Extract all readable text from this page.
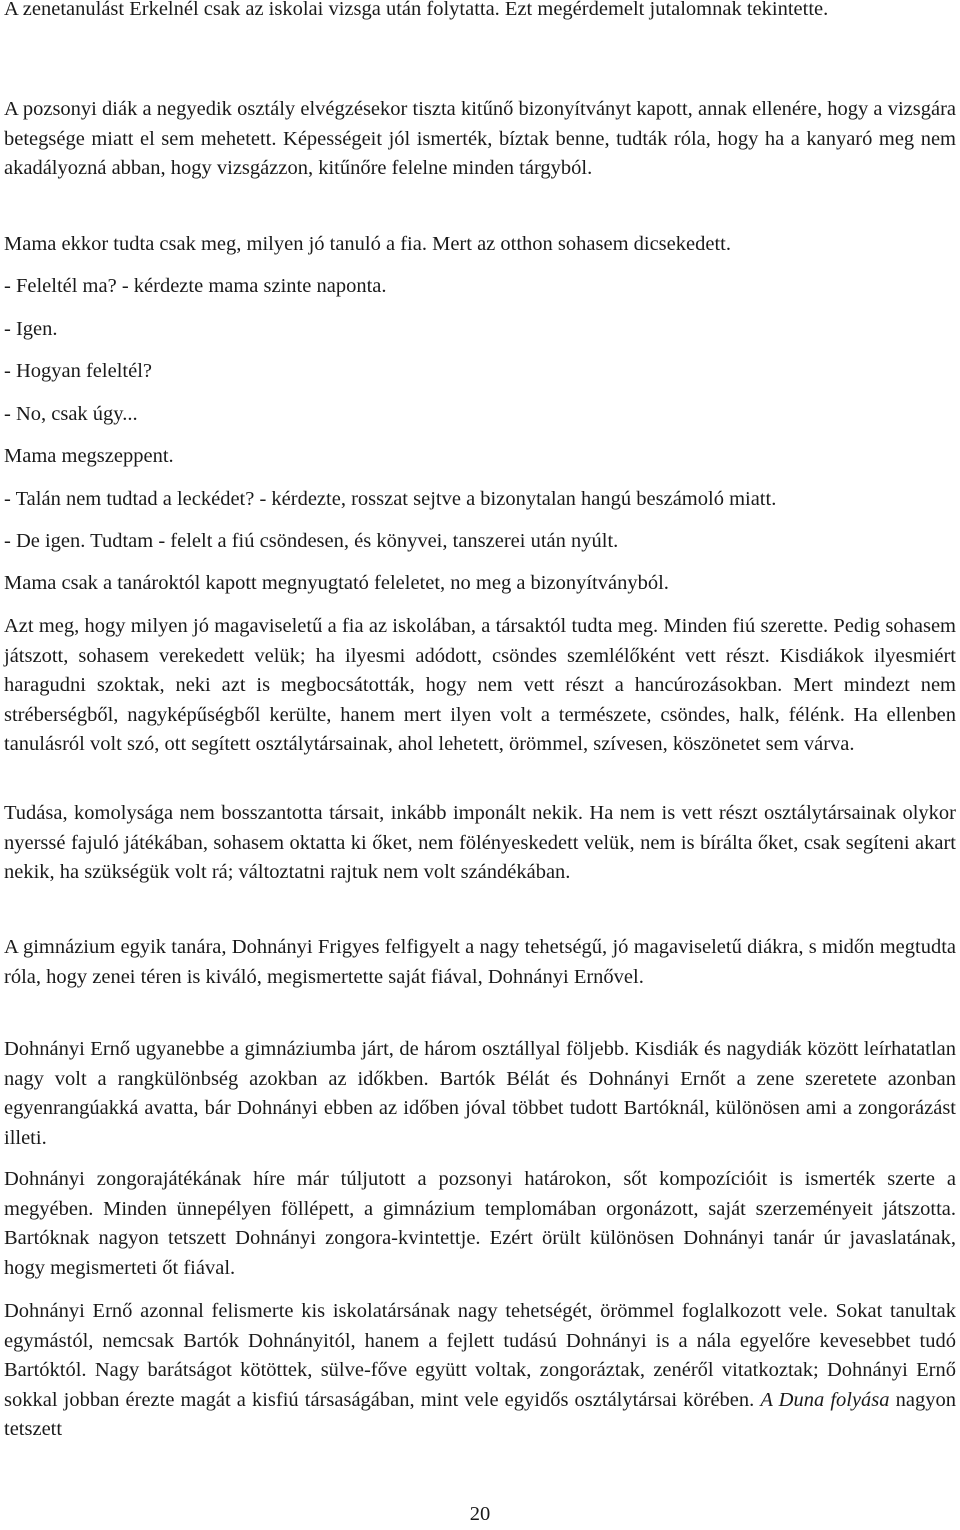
A zenetanulást Erkelnél csak az iskolai vizsga után folytatta. Ezt megérdemelt jutalomnak tekintette.

A pozsonyi diák a negyedik osztály elvégzésekor tiszta kitűnő bizonyítványt kapott, annak ellenére, hogy a vizsgára betegsége miatt el sem mehetett. Képességeit jól ismerték, bíztak benne, tudták róla, hogy ha a kanyaró meg nem akadályozná abban, hogy vizsgázzon, kitűnőre felelne minden tárgyból.

Mama ekkor tudta csak meg, milyen jó tanuló a fia. Mert az otthon sohasem dicsekedett.

- Feleltél ma? - kérdezte mama szinte naponta.

- Igen.

- Hogyan feleltél?

- No, csak úgy...

Mama megszeppent.

- Talán nem tudtad a leckédet? - kérdezte, rosszat sejtve a bizonytalan hangú beszámoló miatt.

- De igen. Tudtam - felelt a fiú csöndesen, és könyvei, tanszerei után nyúlt.

Mama csak a tanároktól kapott megnyugtató feleletet, no meg a bizonyítványból.

Azt meg, hogy milyen jó magaviseletű a fia az iskolában, a társaktól tudta meg. Minden fiú szerette. Pedig sohasem játszott, sohasem verekedett velük; ha ilyesmi adódott, csöndes szemlélőként vett részt. Kisdiákok ilyesmiért haragudni szoktak, neki azt is megbocsátották, hogy nem vett részt a hancúrozásokban. Mert mindezt nem stréberségből, nagyképűségből kerülte, hanem mert ilyen volt a természete, csöndes, halk, félénk. Ha ellenben tanulásról volt szó, ott segített osztálytársainak, ahol lehetett, örömmel, szívesen, köszönetet sem várva.

Tudása, komolysága nem bosszantotta társait, inkább imponált nekik. Ha nem is vett részt osztálytársainak olykor nyerssé fajuló játékában, sohasem oktatta ki őket, nem fölényeskedett velük, nem is bírálta őket, csak segíteni akart nekik, ha szükségük volt rá; változtatni rajtuk nem volt szándékában.

A gimnázium egyik tanára, Dohnányi Frigyes felfigyelt a nagy tehetségű, jó magaviseletű diákra, s midőn megtudta róla, hogy zenei téren is kiváló, megismertette saját fiával, Dohnányi Ernővel.

Dohnányi Ernő ugyanebbe a gimnáziumba járt, de három osztállyal följebb. Kisdiák és nagydiák között leírhatatlan nagy volt a rangkülönbség azokban az időkben. Bartók Bélát és Dohnányi Ernőt a zene szeretete azonban egyenrangúakká avatta, bár Dohnányi ebben az időben jóval többet tudott Bartóknál, különösen ami a zongorázást illeti.

Dohnányi zongorajátékának híre már túljutott a pozsonyi határokon, sőt kompozícióit is ismerték szerte a megyében. Minden ünnepélyen föllépett, a gimnázium templomában orgonázott, saját szerzeményeit játszotta. Bartóknak nagyon tetszett Dohnányi zongora-kvintettje. Ezért örült különösen Dohnányi tanár úr javaslatának, hogy megismerteti őt fiával.

Dohnányi Ernő azonnal felismerte kis iskolatársának nagy tehetségét, örömmel foglalkozott vele. Sokat tanultak egymástól, nemcsak Bartók Dohnányitól, hanem a fejlett tudású Dohnányi is a nála egyelőre kevesebbet tudó Bartóktól. Nagy barátságot kötöttek, sülve-főve együtt voltak, zongoráztak, zenéről vitatkoztak; Dohnányi Ernő sokkal jobban érezte magát a kisfiú társaságában, mint vele egyidős osztálytársai körében. A Duna folyása nagyon tetszett

20
